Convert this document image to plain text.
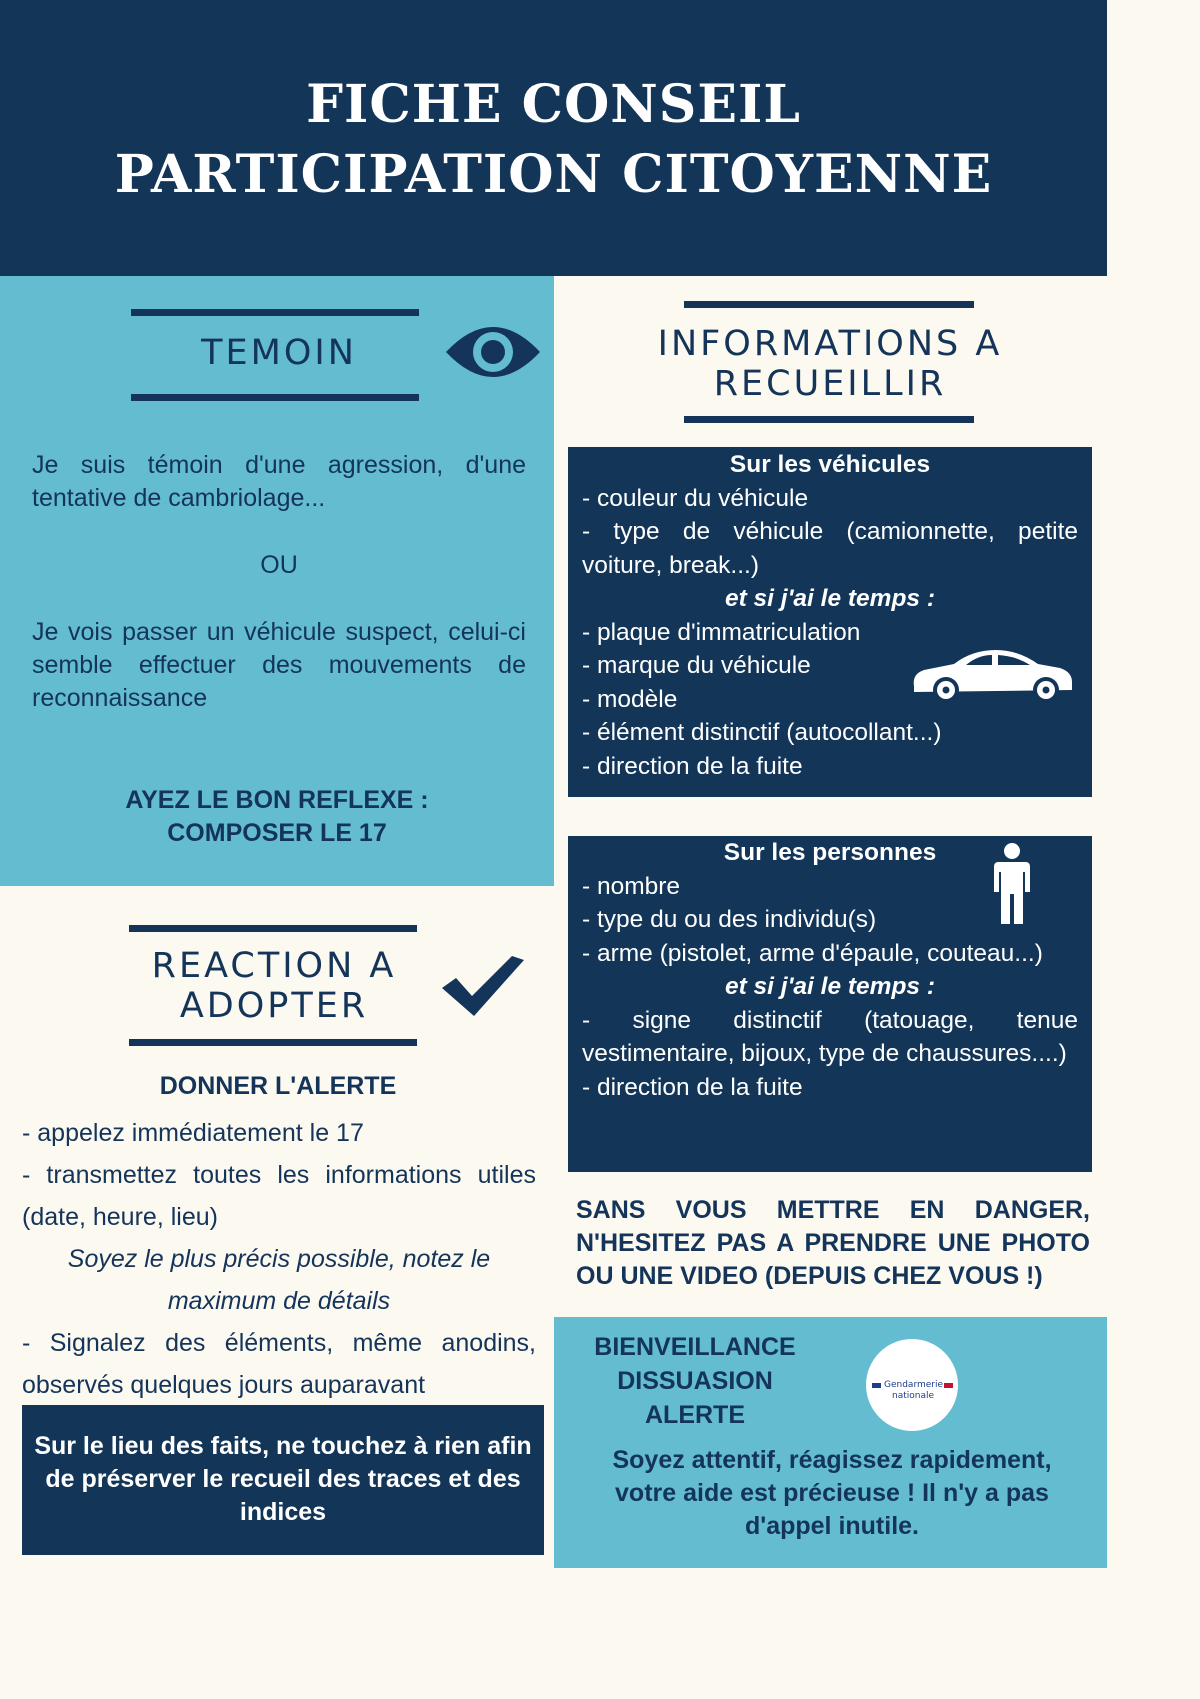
FICHE CONSEIL
PARTICIPATION CITOYENNE
TEMOIN
Je suis témoin d'une agression, d'une tentative de cambriolage...
OU
Je vois passer un véhicule suspect, celui-ci semble effectuer des mouvements de reconnaissance
AYEZ LE BON REFLEXE :
COMPOSER LE 17
REACTION A
ADOPTER
DONNER L'ALERTE
- appelez immédiatement le 17
- transmettez toutes les informations utiles (date, heure, lieu)
Soyez le plus précis possible, notez le maximum de détails
- Signalez des éléments, même anodins, observés quelques jours auparavant
Sur le lieu des faits, ne touchez à rien afin de préserver le recueil des traces et des indices
INFORMATIONS A
RECUEILLIR
Sur les véhicules
- couleur du véhicule
- type de véhicule (camionnette, petite voiture, break...)
et si j'ai le temps :
- plaque d'immatriculation
- marque du véhicule
- modèle
- élément distinctif (autocollant...)
- direction de la fuite
Sur les personnes
- nombre
- type du ou des individu(s)
- arme (pistolet, arme d'épaule, couteau...)
et si j'ai le temps :
- signe distinctif (tatouage, tenue vestimentaire, bijoux, type de chaussures....)
- direction de la fuite
SANS VOUS METTRE EN DANGER, N'HESITEZ PAS A PRENDRE UNE PHOTO OU UNE VIDEO (DEPUIS CHEZ VOUS !)
BIENVEILLANCE
DISSUASION
ALERTE
Gendarmerie nationale
Soyez attentif, réagissez rapidement, votre aide est précieuse ! Il n'y a pas d'appel inutile.
